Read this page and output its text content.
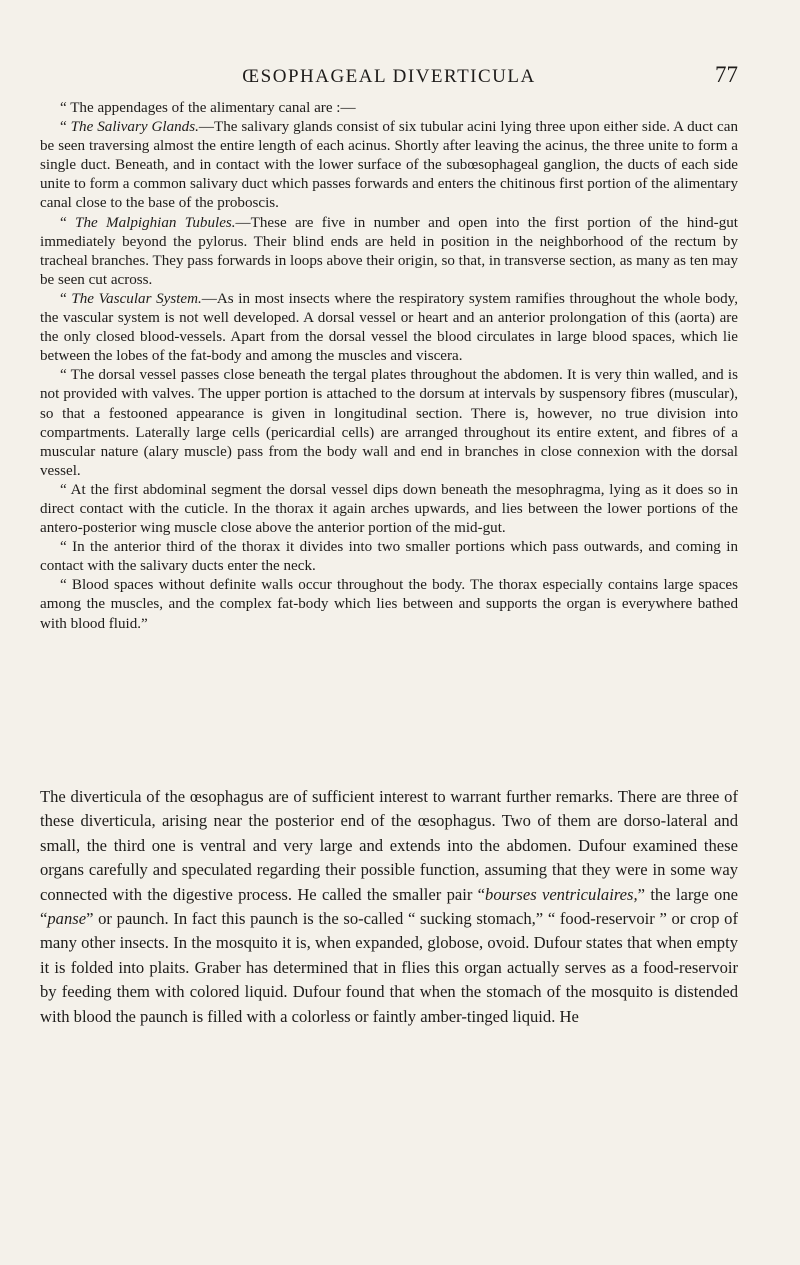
ŒSOPHAGEAL DIVERTICULA	77

“ The appendages of the alimentary canal are :—

“ The Salivary Glands.—The salivary glands consist of six tubular acini lying three upon either side. A duct can be seen traversing almost the entire length of each acinus. Shortly after leaving the acinus, the three unite to form a single duct. Beneath, and in contact with the lower surface of the subœsophageal ganglion, the ducts of each side unite to form a common salivary duct which passes forwards and enters the chitinous first portion of the alimentary canal close to the base of the proboscis.

“ The Malpighian Tubules.—These are five in number and open into the first portion of the hind-gut immediately beyond the pylorus. Their blind ends are held in position in the neighborhood of the rectum by tracheal branches. They pass forwards in loops above their origin, so that, in transverse section, as many as ten may be seen cut across.

“ The Vascular System.—As in most insects where the respiratory system ramifies throughout the whole body, the vascular system is not well developed. A dorsal vessel or heart and an anterior prolongation of this (aorta) are the only closed blood-vessels. Apart from the dorsal vessel the blood circulates in large blood spaces, which lie between the lobes of the fat-body and among the muscles and viscera.

“ The dorsal vessel passes close beneath the tergal plates throughout the abdomen. It is very thin walled, and is not provided with valves. The upper portion is attached to the dorsum at intervals by suspensory fibres (muscular), so that a festooned appearance is given in longitudinal section. There is, however, no true division into compartments. Laterally large cells (pericardial cells) are arranged throughout its entire extent, and fibres of a muscular nature (alary muscle) pass from the body wall and end in branches in close connexion with the dorsal vessel.

“ At the first abdominal segment the dorsal vessel dips down beneath the mesophragma, lying as it does so in direct contact with the cuticle. In the thorax it again arches upwards, and lies between the lower portions of the antero-posterior wing muscle close above the anterior portion of the mid-gut.

“ In the anterior third of the thorax it divides into two smaller portions which pass outwards, and coming in contact with the salivary ducts enter the neck.

“ Blood spaces without definite walls occur throughout the body. The thorax especially contains large spaces among the muscles, and the complex fat-body which lies between and supports the organ is everywhere bathed with blood fluid.”

The diverticula of the œsophagus are of sufficient interest to warrant further remarks. There are three of these diverticula, arising near the posterior end of the œsophagus. Two of them are dorso-lateral and small, the third one is ventral and very large and extends into the abdomen. Dufour examined these organs carefully and speculated regarding their possible function, assuming that they were in some way connected with the digestive process. He called the smaller pair “bourses ventriculaires,” the large one “panse” or paunch. In fact this paunch is the so-called “ sucking stomach,” “ food-reservoir ” or crop of many other insects. In the mosquito it is, when expanded, globose, ovoid. Dufour states that when empty it is folded into plaits. Graber has determined that in flies this organ actually serves as a food-reservoir by feeding them with colored liquid. Dufour found that when the stomach of the mosquito is distended with blood the paunch is filled with a colorless or faintly amber-tinged liquid. He
